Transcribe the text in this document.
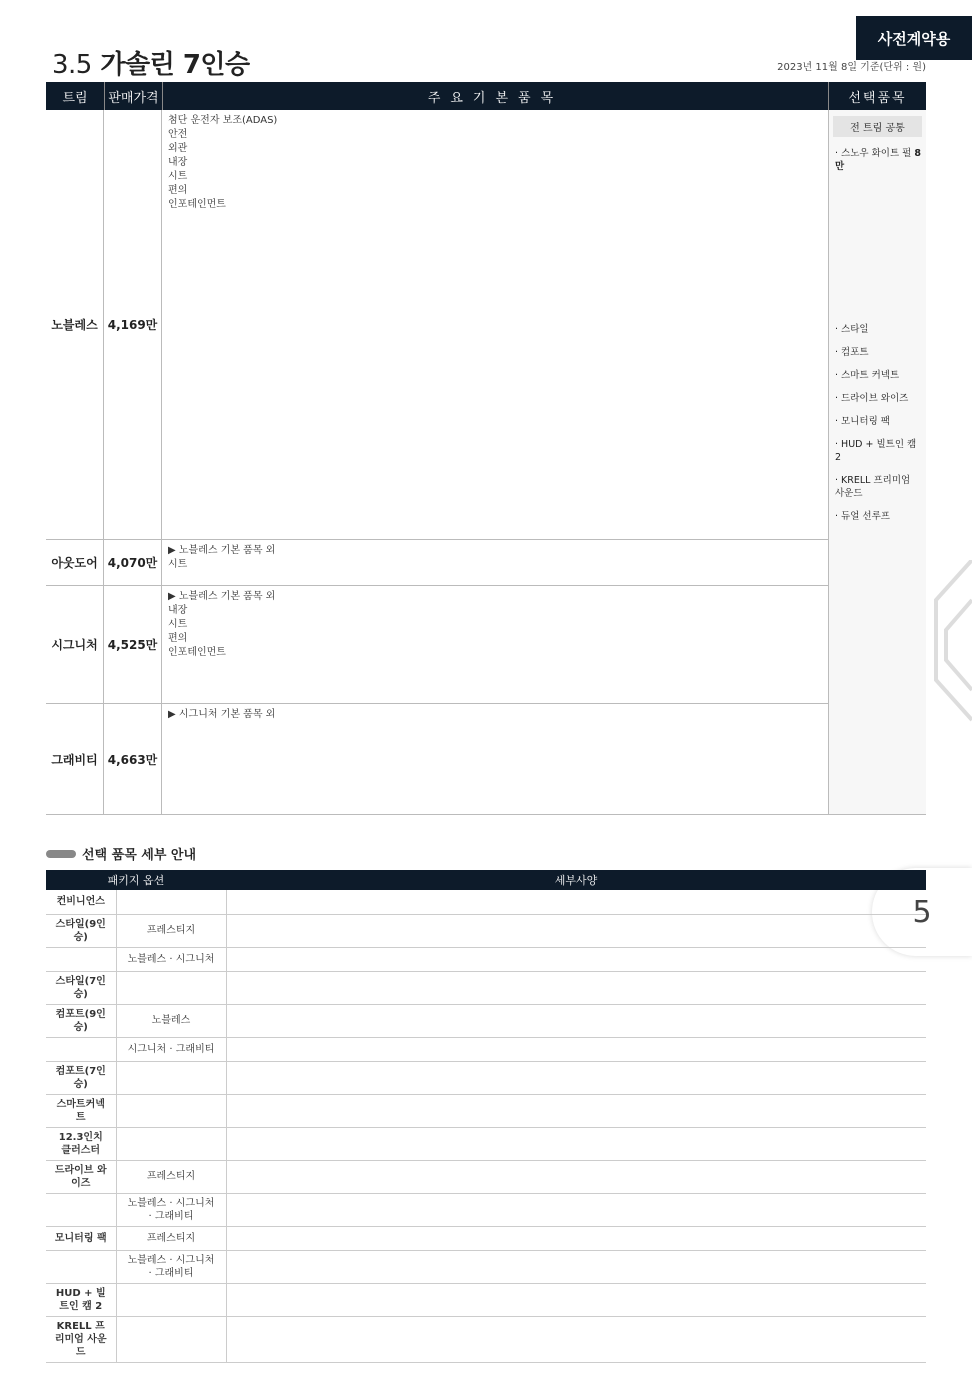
3.5 가솔린 7인승	2023년 11월 8일 기준(단위 : 원)
사전계약용
5
트림	판매가격	주요기본품목	선택품목
노블레스 4,169만
첨단 운전자 보조(ADAS)
안전
외관
내장
시트
편의
인포테인먼트
아웃도어 4,070만
▶ 노블레스 기본 품목 외
시트
시그니처 4,525만
▶ 노블레스 기본 품목 외
내장
시트
편의
인포테인먼트
그래비티 4,663만
▶ 시그니처 기본 품목 외
전 트림 공통
· 스노우 화이트 펄 8만
· 스타일
· 컴포트
· 스마트 커넥트
· 드라이브 와이즈
· 모니터링 팩
· HUD + 빌트인 캠2
· KRELL 프리미엄 사운드
· 듀얼 선루프
선택 품목 세부 안내
패키지 옵션		세부사양
컨비니언스		
스타일(9인승)	프레스티지	
	노블레스 · 시그니처	
스타일(7인승)		
컴포트(9인승)	노블레스	
	시그니처 · 그래비티	
컴포트(7인승)		
스마트커넥트		
12.3인치 클러스터		
드라이브 와이즈	프레스티지	
	노블레스 · 시그니처 · 그래비티	
모니터링 팩	프레스티지	
	노블레스 · 시그니처 · 그래비티	
HUD + 빌트인 캠 2		
KRELL 프리미엄 사운드		
